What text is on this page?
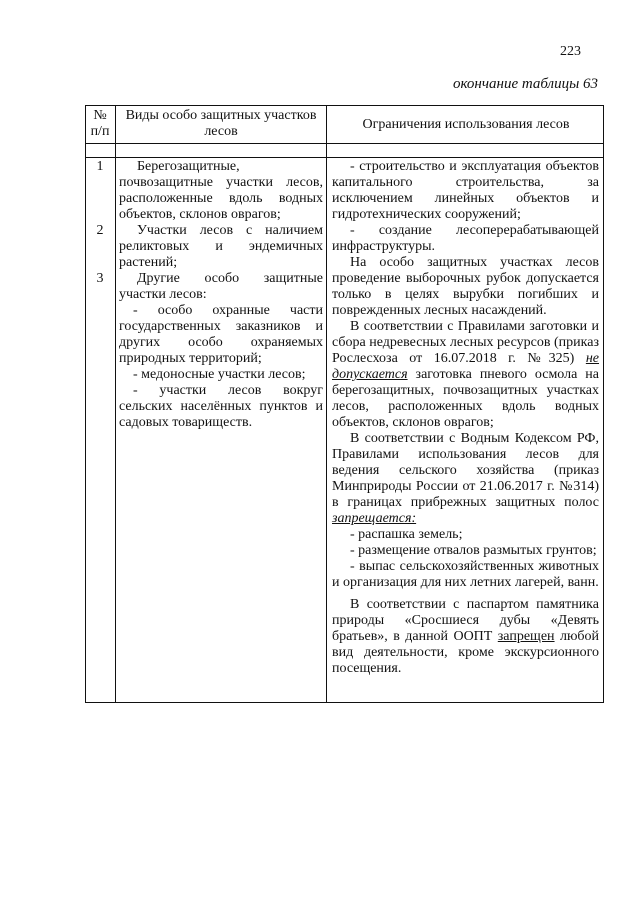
223
окончание таблицы 63
№
п/п
Виды особо защитных участков лесов	Ограничения использования лесов
1
2
3

Берегозащитные, почвозащитные участки лесов, расположенные вдоль водных объектов, склонов оврагов;

Участки лесов с наличием реликтовых и эндемичных растений;

Другие особо защитные участки лесов:

- особо охранные части государственных заказников и других особо охраняемых природных территорий;

- медоносные участки лесов;

- участки лесов вокруг сельских населённых пунктов и садовых товариществ.

- строительство и эксплуатация объектов капитального строительства, за исключением линейных объектов и гидротехнических сооружений;

- создание лесоперерабатывающей инфраструктуры.

На особо защитных участках лесов проведение выборочных рубок допускается только в целях вырубки погибших и поврежденных лесных насаждений.

В соответствии с Правилами заготовки и сбора недревесных лесных ресурсов (приказ Рослесхоза от 16.07.2018 г. №325) не допускается заготовка пневого осмола на берегозащитных, почвозащитных участках лесов, расположенных вдоль водных объектов, склонов оврагов;

В соответствии с Водным Кодексом РФ, Правилами использования лесов для ведения сельского хозяйства (приказ Минприроды России от 21.06.2017 г. №314) в границах прибрежных защитных полос запрещается:

- распашка земель;

- размещение отвалов размытых грунтов;

- выпас сельскохозяйственных животных и организация для них летних лагерей, ванн.

В соответствии с паспартом памятника природы «Сросшиеся дубы «Девять братьев», в данной ООПТ запрещен любой вид деятельности, кроме экскурсионного посещения.
